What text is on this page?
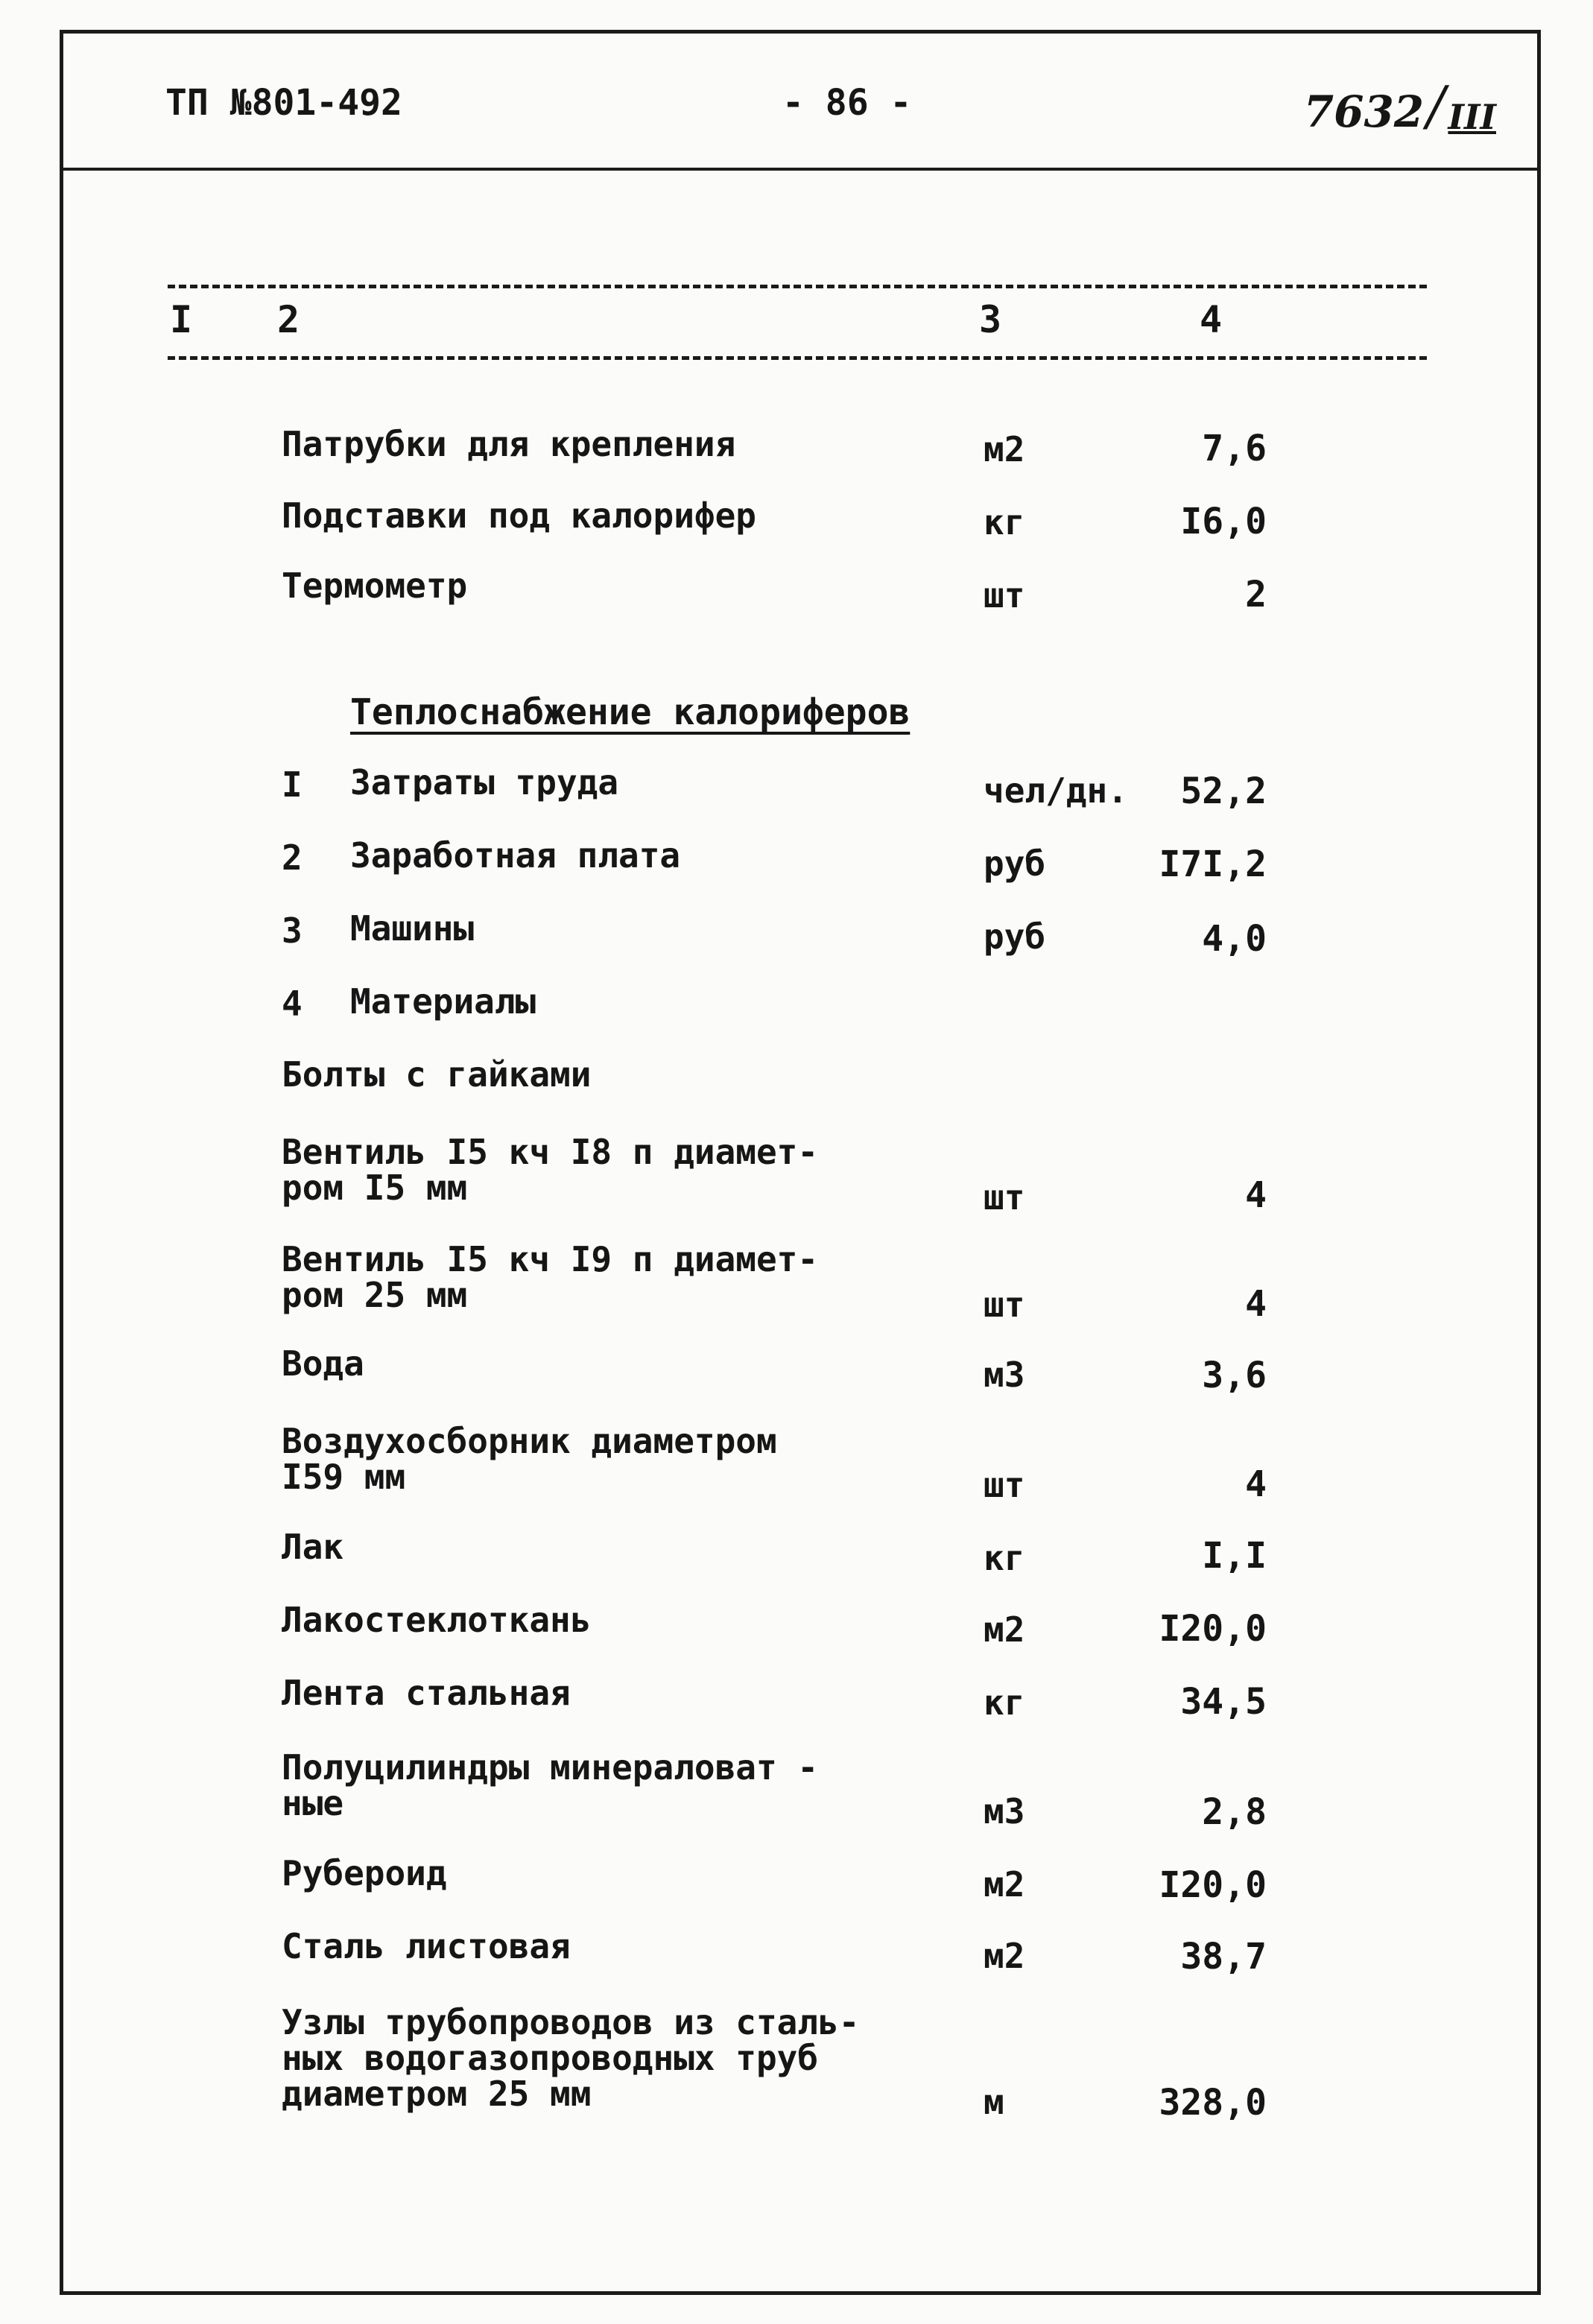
ТП №801-492	- 86 -	7632 / III
I 2	3	4
Патрубки для крепления	м2	7,6
Подставки под калорифер	кг	I6,0
Термометр	шт	2
Теплоснабжение калориферов
I Затраты труда	чел/дн. 52,2
2 Заработная плата	руб	I7I,2
3 Машины	руб	4,0
4 Материалы
Болты с гайками
Вентиль I5 кч I8 п диамет-
ром I5 мм	шт	4
Вентиль I5 кч I9 п диамет-
ром 25 мм	шт	4
Вода	м3	3,6
Воздухосборник диаметром
I59 мм	шт	4
Лак	кг	I,I
Лакостеклоткань	м2	I20,0
Лента стальная	кг	34,5
Полуцилиндры минераловат -
ные	м3	2,8
Рубероид	м2	I20,0
Сталь листовая	м2	38,7
Узлы трубопроводов из сталь-
ных водогазопроводных труб
диаметром 25 мм	м	328,0
